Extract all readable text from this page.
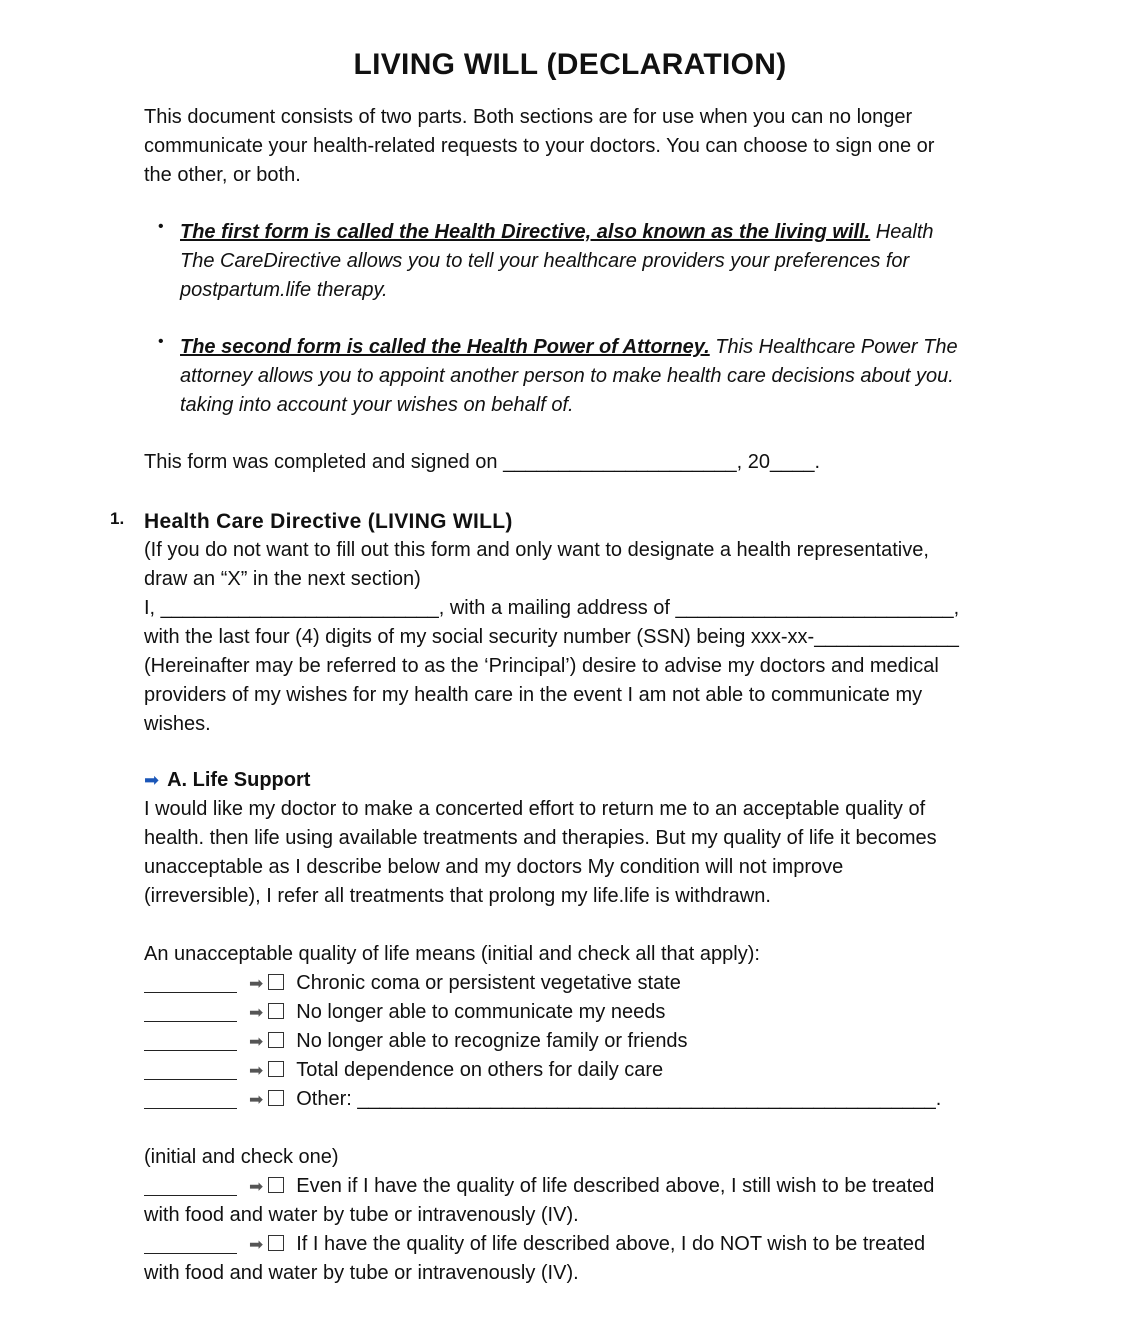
LIVING WILL (DECLARATION)
This document consists of two parts. Both sections are for use when you can no longer
communicate your health-related requests to your doctors. You can choose to sign one or
the other, or both.
• The first form is called the Health Directive, also known as the living will. Health
The CareDirective allows you to tell your healthcare providers your preferences for
postpartum.life therapy.
• The second form is called the Health Power of Attorney. This Healthcare Power The
attorney allows you to appoint another person to make health care decisions about you.
taking into account your wishes on behalf of.
This form was completed and signed on _____________________, 20____.
1. Health Care Directive (LIVING WILL)
(If you do not want to fill out this form and only want to designate a health representative,
draw an “X” in the next section)
I, _________________________, with a mailing address of _________________________,
with the last four (4) digits of my social security number (SSN) being xxx-xx-_____________
(Hereinafter may be referred to as the ‘Principal’) desire to advise my doctors and medical
providers of my wishes for my health care in the event I am not able to communicate my
wishes.
➡ A. Life Support
I would like my doctor to make a concerted effort to return me to an acceptable quality of
health. then life using available treatments and therapies. But my quality of life it becomes
unacceptable as I describe below and my doctors My condition will not improve
(irreversible), I refer all treatments that prolong my life.life is withdrawn.
An unacceptable quality of life means (initial and check all that apply):
➡ Chronic coma or persistent vegetative state
➡ No longer able to communicate my needs
➡ No longer able to recognize family or friends
➡ Total dependence on others for daily care
➡ Other: ____________________________________________________.
(initial and check one)
➡ Even if I have the quality of life described above, I still wish to be treated
with food and water by tube or intravenously (IV).
➡ If I have the quality of life described above, I do NOT wish to be treated
with food and water by tube or intravenously (IV).
